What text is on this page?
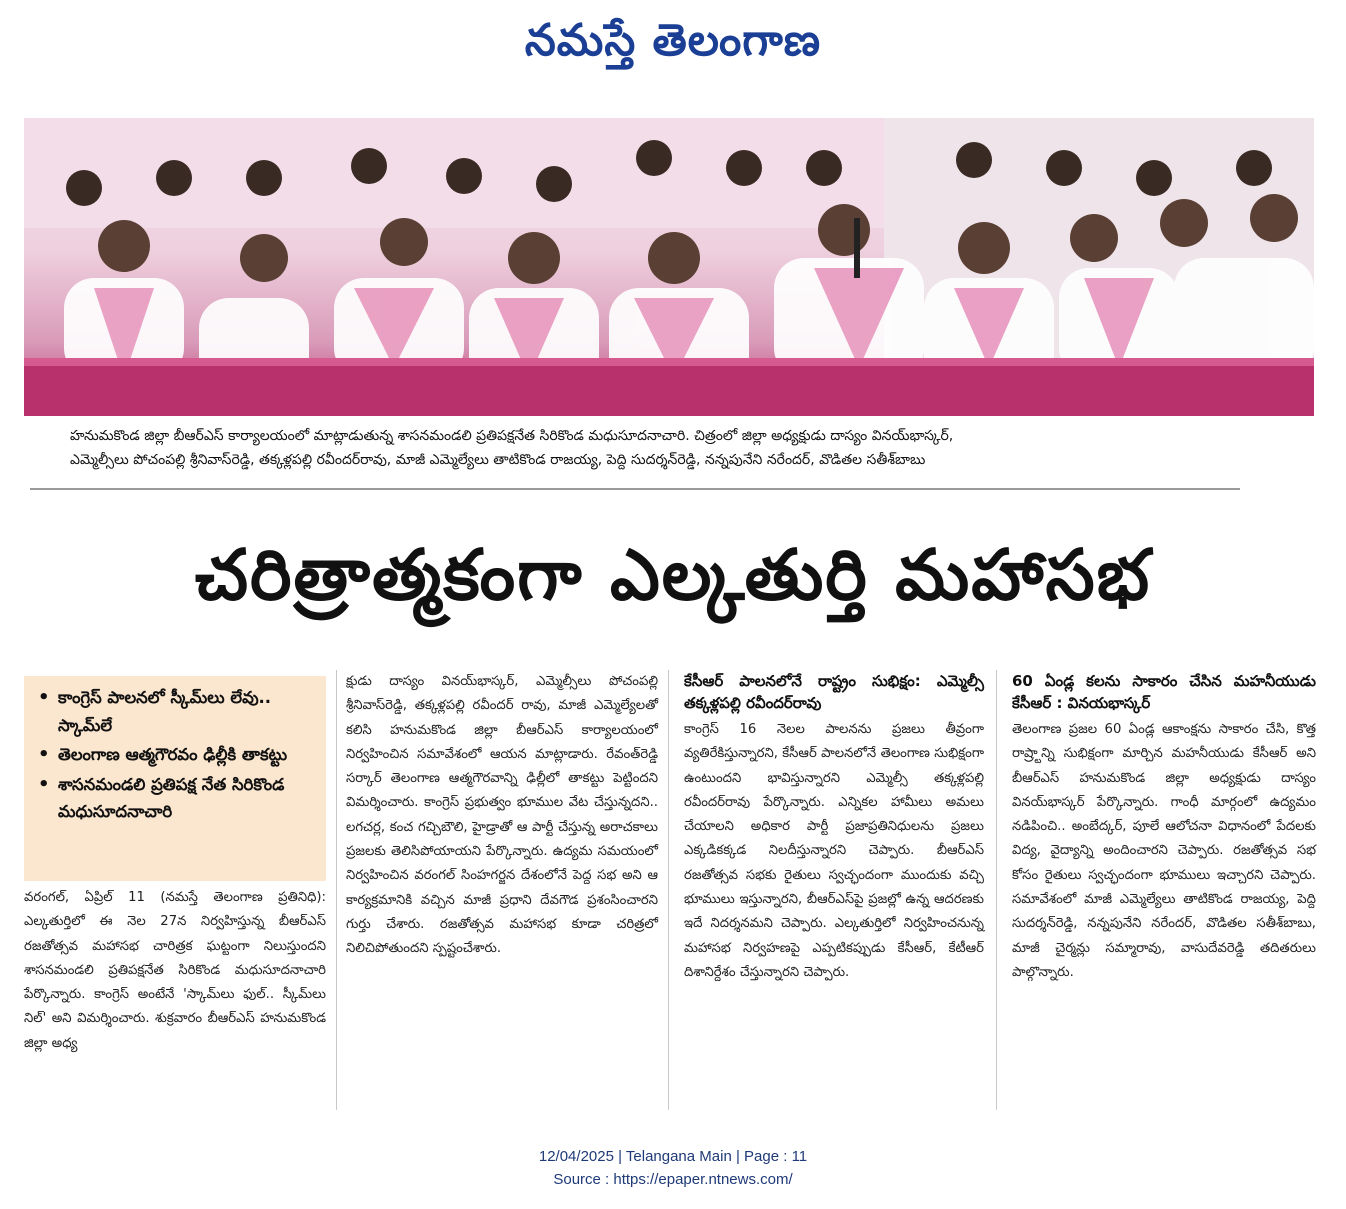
నమస్తే తెలంగాణ
హనుమకొండ జిల్లా బీఆర్ఎస్ కార్యాలయంలో మాట్లాడుతున్న శాసనమండలి ప్రతిపక్షనేత సిరికొండ మధుసూదనాచారి. చిత్రంలో జిల్లా అధ్యక్షుడు దాస్యం వినయ్‌భాస్కర్,
ఎమ్మెల్సీలు పోచంపల్లి శ్రీనివాస్‌రెడ్డి, తక్కళ్లపల్లి రవీందర్‌రావు, మాజీ ఎమ్మెల్యేలు తాటికొండ రాజయ్య, పెద్ది సుదర్శన్‌రెడ్డి, నన్నపునేని నరేందర్, వొడితల సతీశ్‌బాబు
చరిత్రాత్మకంగా ఎల్కతుర్తి మహాసభ
• కాంగ్రెస్ పాలనలో స్కీమ్‌లు లేవు.. స్కామ్‌లే
• తెలంగాణ ఆత్మగౌరవం ఢిల్లీకి తాకట్టు
• శాసనమండలి ప్రతిపక్ష నేత సిరికొండ మధుసూదనాచారి

వరంగల్, ఏప్రిల్ 11 (నమస్తే తెలంగాణ ప్రతినిధి): ఎల్కతుర్తిలో ఈ నెల 27న నిర్వహిస్తున్న బీఆర్ఎస్ రజతోత్సవ మహాసభ చారిత్రక ఘట్టంగా నిలుస్తుందని శాసనమండలి ప్రతిపక్షనేత సిరికొండ మధుసూదనాచారి పేర్కొన్నారు. కాంగ్రెస్ అంటేనే 'స్కామ్‌లు ఫుల్.. స్కీమ్‌లు నిల్' అని విమర్శించారు. శుక్రవారం బీఆర్ఎస్ హనుమకొండ జిల్లా అధ్య

క్షుడు దాస్యం వినయ్‌భాస్కర్, ఎమ్మెల్సీలు పోచంపల్లి శ్రీనివాస్‌రెడ్డి, తక్కళ్లపల్లి రవీందర్ రావు, మాజీ ఎమ్మెల్యేలతో కలిసి హనుమకొండ జిల్లా బీఆర్ఎస్ కార్యాలయంలో నిర్వహించిన సమావేశంలో ఆయన మాట్లాడారు. రేవంత్‌రెడ్డి సర్కార్ తెలంగాణ ఆత్మగౌరవాన్ని ఢిల్లీలో తాకట్టు పెట్టిందని విమర్శించారు. కాంగ్రెస్ ప్రభుత్వం భూముల వేట చేస్తున్నదని.. లగచర్ల, కంచ గచ్చిబౌలి, హైడ్రాతో ఆ పార్టీ చేస్తున్న అరాచకాలు ప్రజలకు తెలిసిపోయాయని పేర్కొన్నారు. ఉద్యమ సమయంలో నిర్వహించిన వరంగల్ సింహగర్జన దేశంలోనే పెద్ద సభ అని ఆ కార్యక్రమానికి వచ్చిన మాజీ ప్రధాని దేవగౌడ ప్రశంసించారని గుర్తు చేశారు. రజతోత్సవ మహాసభ కూడా చరిత్రలో నిలిచిపోతుందని స్పష్టంచేశారు.

కేసీఆర్ పాలనలోనే రాష్ట్రం సుభిక్షం: ఎమ్మెల్సీ తక్కళ్లపల్లి రవీందర్‌రావు

కాంగ్రెస్ 16 నెలల పాలనను ప్రజలు తీవ్రంగా వ్యతిరేకిస్తున్నారని, కేసీఆర్ పాలనలోనే తెలంగాణ సుభిక్షంగా ఉంటుందని భావిస్తున్నారని ఎమ్మెల్సీ తక్కళ్లపల్లి రవీందర్‌రావు పేర్కొన్నారు. ఎన్నికల హామీలు అమలు చేయాలని అధికార పార్టీ ప్రజాప్రతినిధులను ప్రజలు ఎక్కడికక్కడ నిలదీస్తున్నారని చెప్పారు. బీఆర్ఎస్ రజతోత్సవ సభకు రైతులు స్వచ్ఛందంగా ముందుకు వచ్చి భూములు ఇస్తున్నారని, బీఆర్ఎస్‌పై ప్రజల్లో ఉన్న ఆదరణకు ఇదే నిదర్శనమని చెప్పారు. ఎల్కతుర్తిలో నిర్వహించనున్న మహాసభ నిర్వహణపై ఎప్పటికప్పుడు కేసీఆర్, కేటీఆర్ దిశానిర్దేశం చేస్తున్నారని చెప్పారు.

60 ఏండ్ల కలను సాకారం చేసిన మహనీయుడు కేసీఆర్ : వినయభాస్కర్

తెలంగాణ ప్రజల 60 ఏండ్ల ఆకాంక్షను సాకారం చేసి, కొత్త రాష్ర్టాన్ని సుభిక్షంగా మార్చిన మహనీయుడు కేసీఆర్ అని బీఆర్ఎస్ హనుమకొండ జిల్లా అధ్యక్షుడు దాస్యం వినయ్‌భాస్కర్ పేర్కొన్నారు. గాంధీ మార్గంలో ఉద్యమం నడిపించి.. అంబేద్కర్, పూలే ఆలోచనా విధానంలో పేదలకు విద్య, వైద్యాన్ని అందించారని చెప్పారు. రజతోత్సవ సభ కోసం రైతులు స్వచ్ఛందంగా భూములు ఇచ్చారని చెప్పారు. సమావేశంలో మాజీ ఎమ్మెల్యేలు తాటికొండ రాజయ్య, పెద్ది సుదర్శన్‌రెడ్డి, నన్నపునేని నరేందర్, వొడితల సతీశ్‌బాబు, మాజీ చైర్మన్లు సమ్మారావు, వాసుదేవరెడ్డి తదితరులు పాల్గొన్నారు.

12/04/2025 | Telangana Main | Page : 11
Source : https://epaper.ntnews.com/
